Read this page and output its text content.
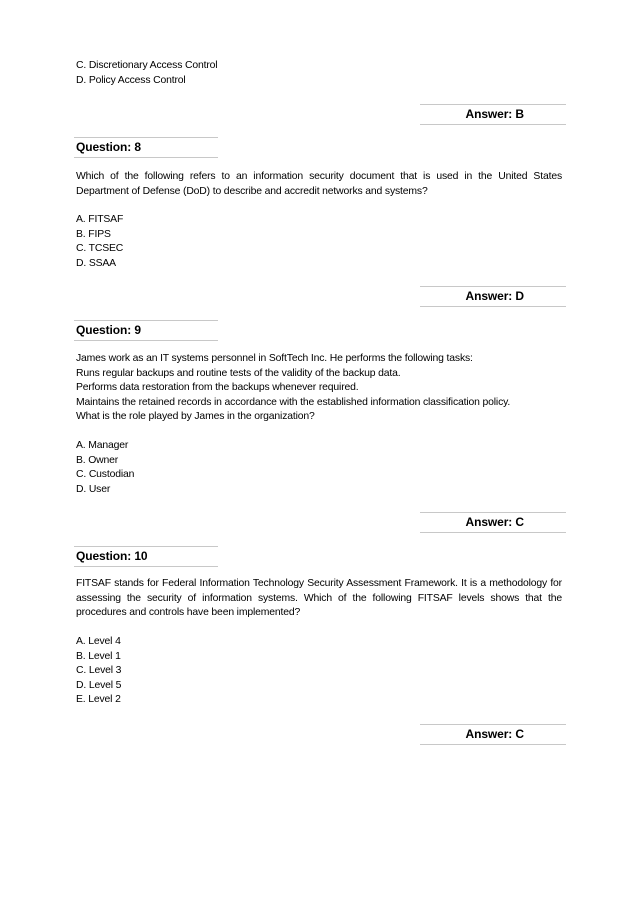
C. Discretionary Access Control
D. Policy Access Control
Answer: B
Question: 8
Which of the following refers to an information security document that is used in the United States Department of Defense (DoD) to describe and accredit networks and systems?
A. FITSAF
B. FIPS
C. TCSEC
D. SSAA
Answer: D
Question: 9
James work as an IT systems personnel in SoftTech Inc. He performs the following tasks:
Runs regular backups and routine tests of the validity of the backup data.
Performs data restoration from the backups whenever required.
Maintains the retained records in accordance with the established information classification policy.
What is the role played by James in the organization?
A. Manager
B. Owner
C. Custodian
D. User
Answer: C
Question: 10
FITSAF stands for Federal Information Technology Security Assessment Framework. It is a methodology for assessing the security of information systems. Which of the following FITSAF levels shows that the procedures and controls have been implemented?
A. Level 4
B. Level 1
C. Level 3
D. Level 5
E. Level 2
Answer: C
